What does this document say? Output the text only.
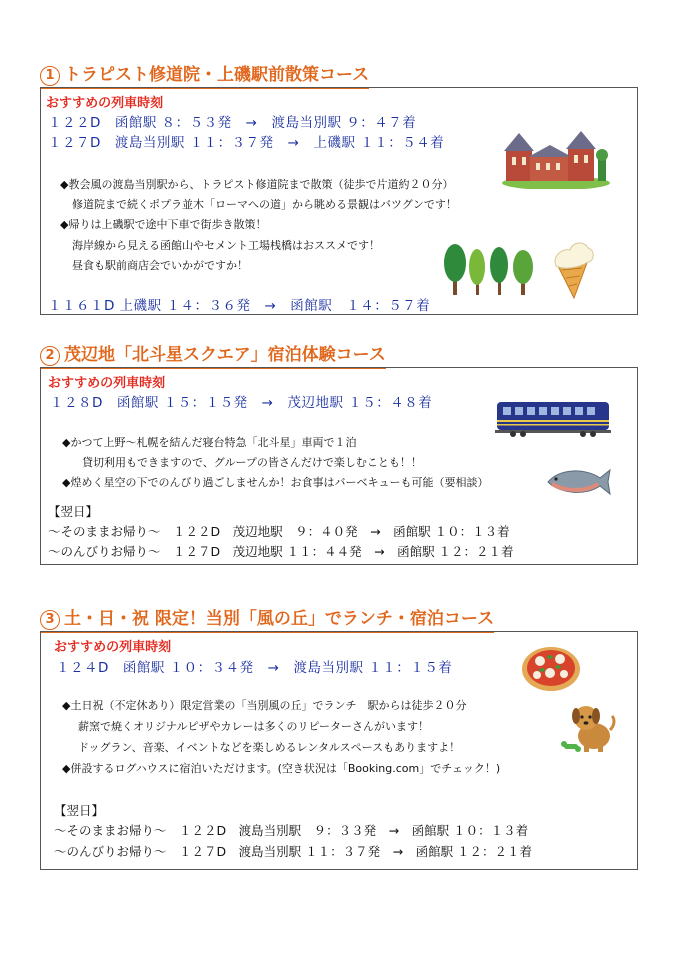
1 トラピスト修道院・上磯駅前散策コース
おすすめの列車時刻
１２２D　函館駅 ８：５３発　→　渡島当別駅 ９：４７着
１２７D　渡島当別駅 １１：３７発　→　上磯駅 １１：５４着
◆教会風の渡島当別駅から、トラピスト修道院まで散策（徒歩で片道約２０分）
修道院まで続くポプラ並木「ローマへの道」から眺める景観はバツグンです！
◆帰りは上磯駅で途中下車で街歩き散策！
海岸線から見える函館山やセメント工場桟橋はおススメです！
昼食も駅前商店会でいかがですか！
１１６１D 上磯駅 １４：３６発　→　函館駅　１４：５７着
2 茂辺地「北斗星スクエア」宿泊体験コース
おすすめの列車時刻
１２８D　函館駅 １５：１５発　→　茂辺地駅 １５：４８着
◆かつて上野～札幌を結んだ寝台特急「北斗星」車両で１泊
貸切利用もできますので、グループの皆さんだけで楽しむことも！！
◆煌めく星空の下でのんびり過ごしませんか！お食事はバーベキューも可能（要相談）
【翌日】
～そのままお帰り～　１２２D　茂辺地駅　９：４０発　→　函館駅 １０：１３着
～のんびりお帰り～　１２７D　茂辺地駅 １１：４４発　→　函館駅 １２：２１着
3 土・日・祝 限定！当別「風の丘」でランチ・宿泊コース
おすすめの列車時刻
１２４D　函館駅 １０：３４発　→　渡島当別駅 １１：１５着
◆土日祝（不定休あり）限定営業の「当別風の丘」でランチ　駅からは徒歩２０分
薪窯で焼くオリジナルピザやカレーは多くのリピーターさんがいます！
ドッグラン、音楽、イベントなどを楽しめるレンタルスペースもありますよ！
◆併設するログハウスに宿泊いただけます。(空き状況は「Booking.com」でチェック！)
【翌日】
～そのままお帰り～　１２２D　渡島当別駅　９：３３発　→　函館駅 １０：１３着
～のんびりお帰り～　１２７D　渡島当別駅 １１：３７発　→　函館駅 １２：２１着
